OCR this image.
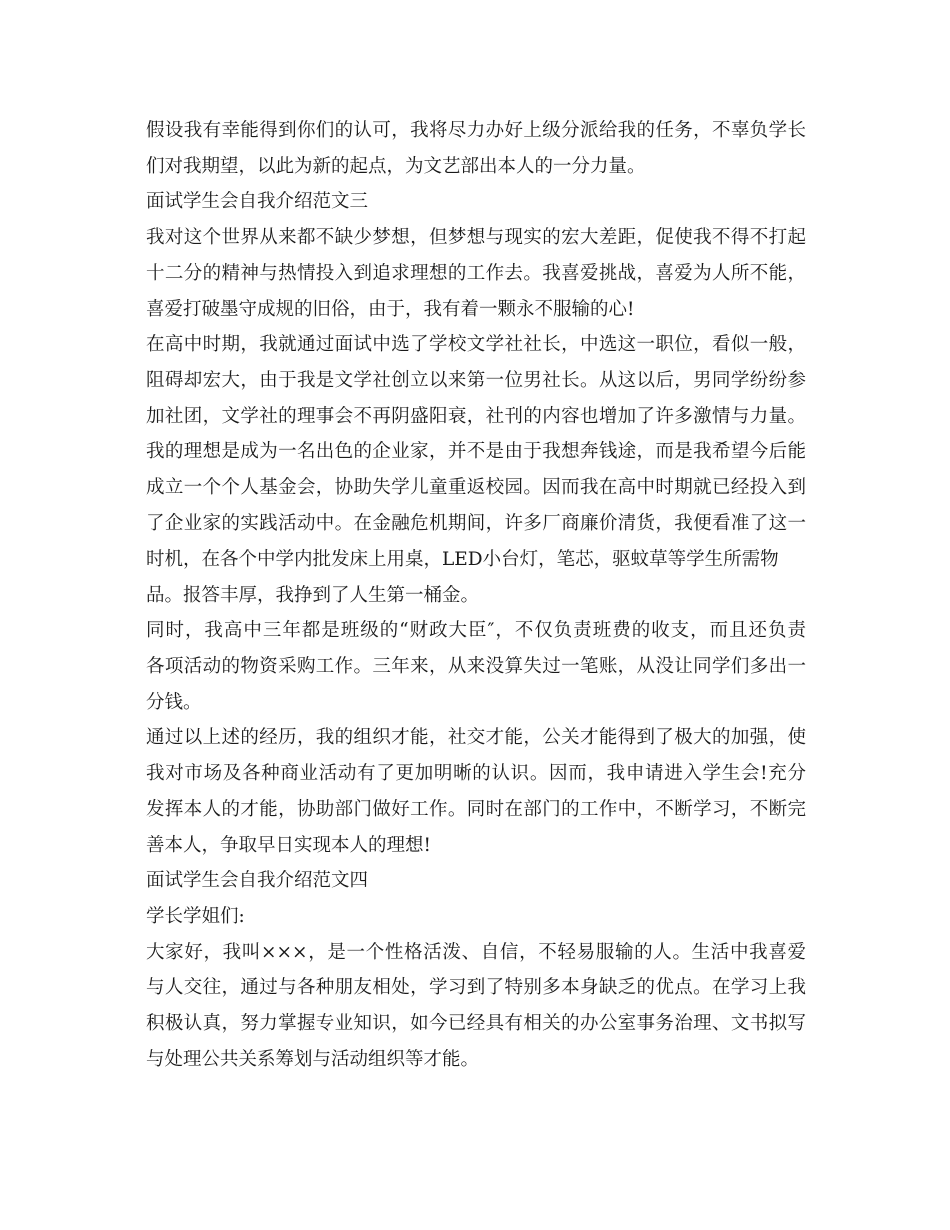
假设我有幸能得到你们的认可，我将尽力办好上级分派给我的任务，不辜负学长
们对我期望，以此为新的起点，为文艺部出本人的一分力量。
面试学生会自我介绍范文三
我对这个世界从来都不缺少梦想，但梦想与现实的宏大差距，促使我不得不打起
十二分的精神与热情投入到追求理想的工作去。我喜爱挑战，喜爱为人所不能，
喜爱打破墨守成规的旧俗，由于，我有着一颗永不服输的心!
在高中时期，我就通过面试中选了学校文学社社长，中选这一职位，看似一般，
阻碍却宏大，由于我是文学社创立以来第一位男社长。从这以后，男同学纷纷参
加社团，文学社的理事会不再阴盛阳衰，社刊的内容也增加了许多激情与力量。
我的理想是成为一名出色的企业家，并不是由于我想奔钱途，而是我希望今后能
成立一个个人基金会，协助失学儿童重返校园。因而我在高中时期就已经投入到
了企业家的实践活动中。在金融危机期间，许多厂商廉价清货，我便看准了这一
时机，在各个中学内批发床上用桌，LED小台灯，笔芯，驱蚊草等学生所需物
品。报答丰厚，我挣到了人生第一桶金。
同时，我高中三年都是班级的“财政大臣″，不仅负责班费的收支，而且还负责
各项活动的物资采购工作。三年来，从来没算失过一笔账，从没让同学们多出一
分钱。
通过以上述的经历，我的组织才能，社交才能，公关才能得到了极大的加强，使
我对市场及各种商业活动有了更加明晰的认识。因而，我申请进入学生会!充分
发挥本人的才能，协助部门做好工作。同时在部门的工作中，不断学习，不断完
善本人，争取早日实现本人的理想!
面试学生会自我介绍范文四
学长学姐们:
大家好，我叫×××，是一个性格活泼、自信，不轻易服输的人。生活中我喜爱
与人交往，通过与各种朋友相处，学习到了特别多本身缺乏的优点。在学习上我
积极认真，努力掌握专业知识，如今已经具有相关的办公室事务治理、文书拟写
与处理公共关系筹划与活动组织等才能。
